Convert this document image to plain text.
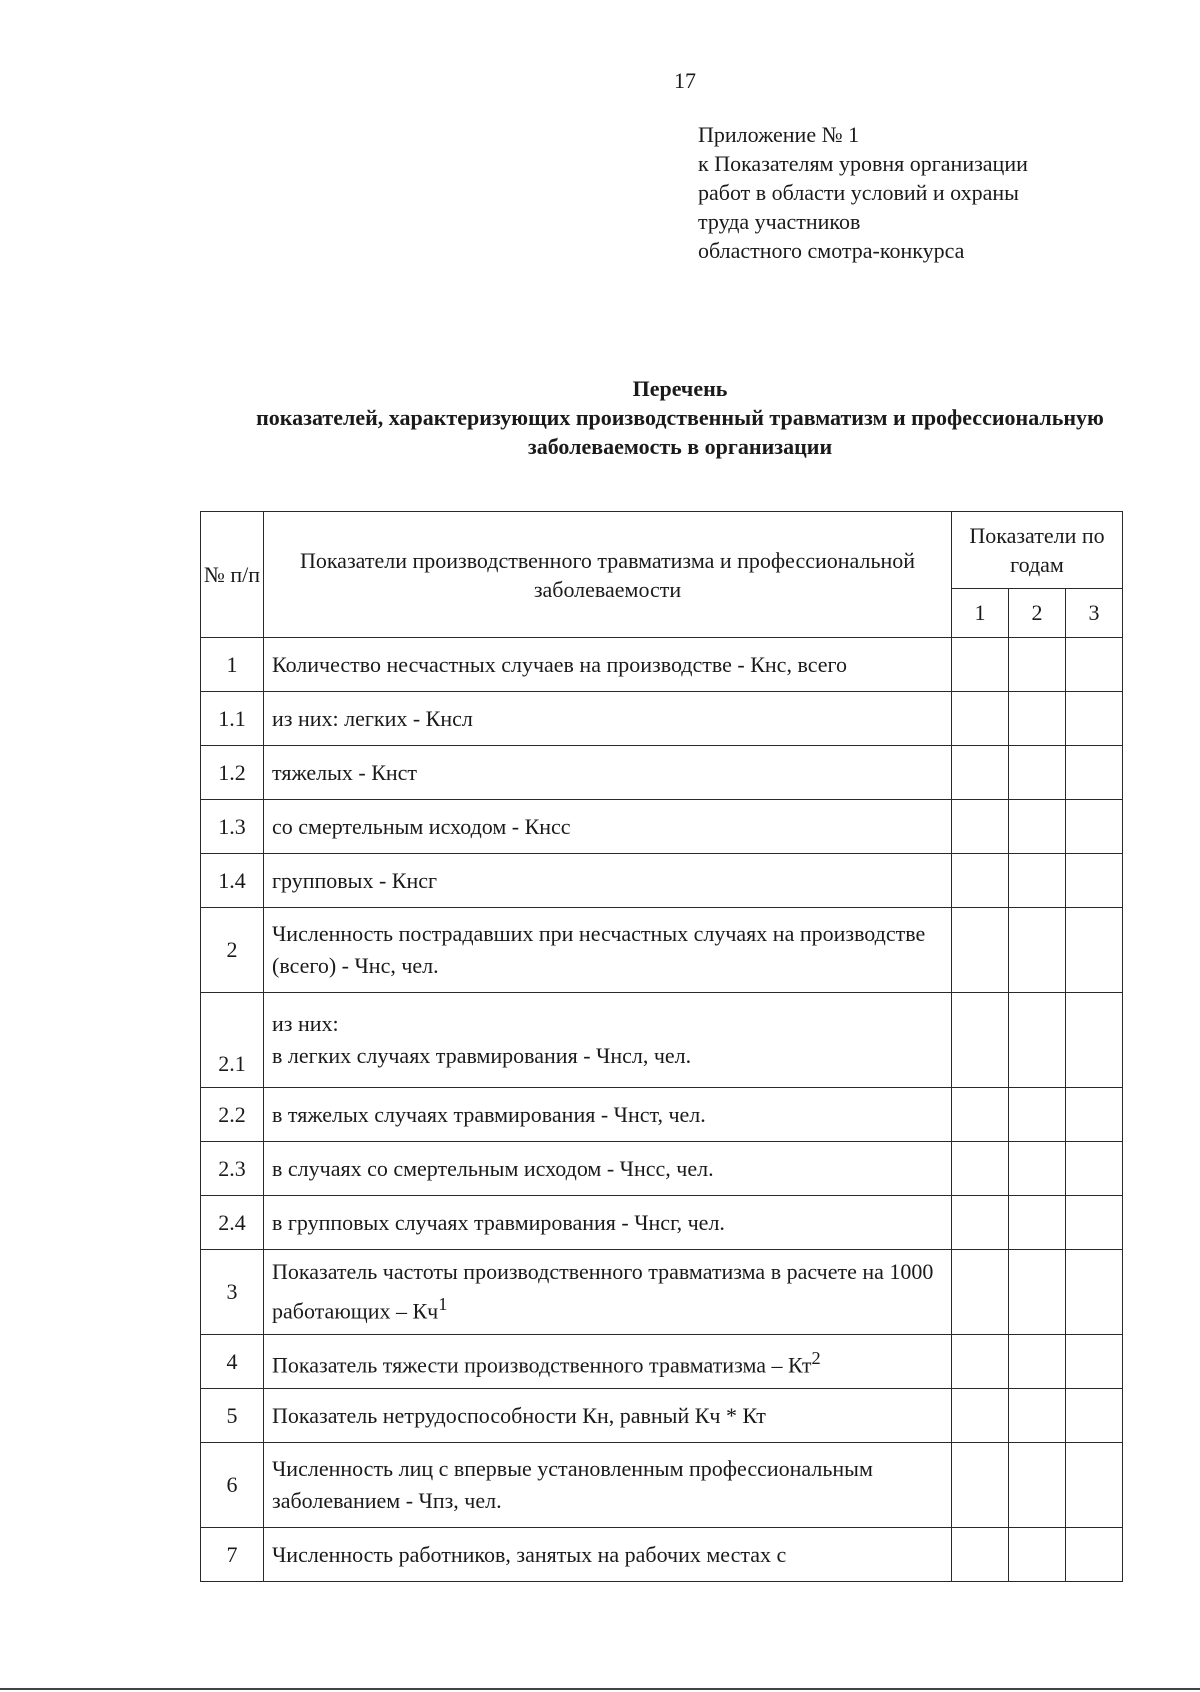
17
Приложение № 1
к Показателям уровня организации
работ в области условий и охраны
труда участников
областного смотра-конкурса
Перечень
показателей, характеризующих производственный травматизм и профессиональную
заболеваемость в организации
№ п/п	Показатели производственного травматизма и профессиональной заболеваемости	Показатели по годам		
		1	2	3
1	Количество несчастных случаев на производстве - Кнс, всего			
1.1	из них: легких - Кнсл			
1.2	тяжелых - Кнст			
1.3	со смертельным исходом - Кнсс			
1.4	групповых - Кнсг			
2	Численность пострадавших при несчастных случаях на производстве (всего) - Чнс, чел.			
2.1	из них:
в легких случаях травмирования - Чнсл, чел.			

2.2	в тяжелых случаях травмирования - Чнст, чел.			
2.3	в случаях со смертельным исходом - Чнсс, чел.			
2.4	в групповых случаях травмирования - Чнсг, чел.			
3	Показатель частоты производственного травматизма в расчете на 1000 работающих – $Кч^1$			
4	Показатель тяжести производственного травматизма – $Кт^2$			
5	Показатель нетрудоспособности Кн, равный Кч * Кт			
6	Численность лиц с впервые установленным профессиональным заболеванием - Чпз, чел.			
7	Численность работников, занятых на рабочих местах с			
